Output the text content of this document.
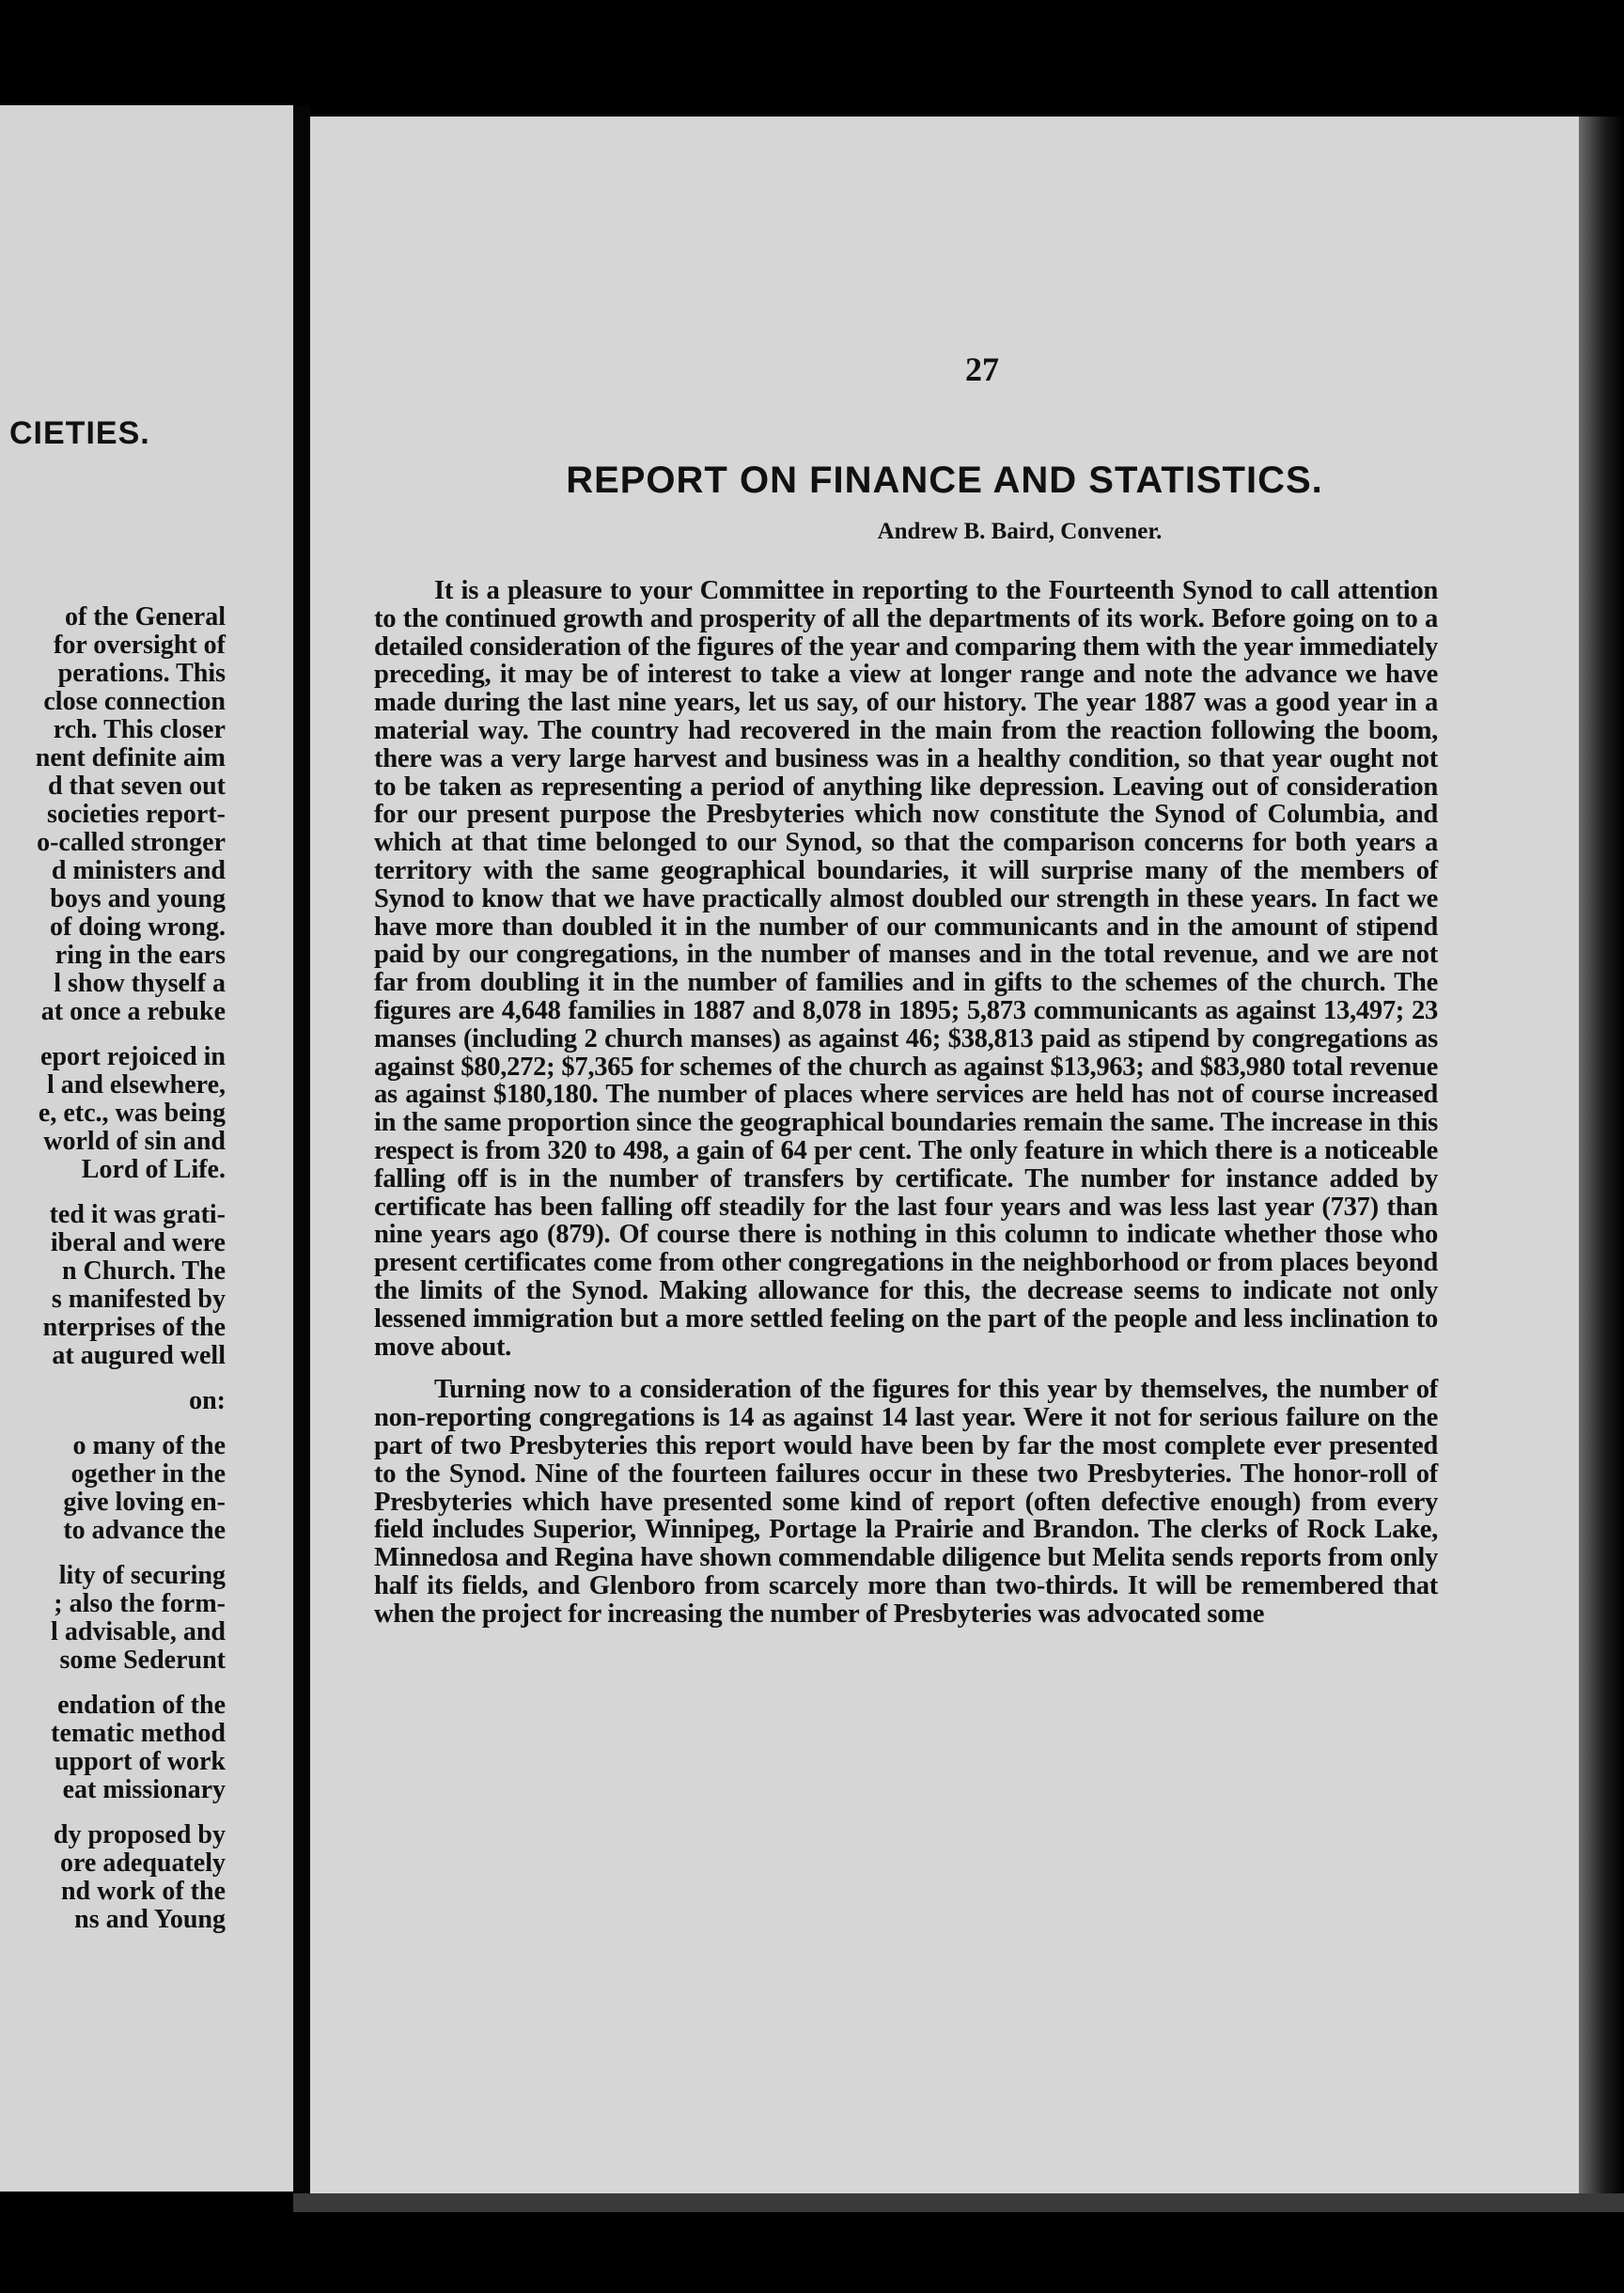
CIETIES.
of the General
for oversight of
perations. This
close connection
rch. This closer
nent definite aim
d that seven out
societies report-
o-called stronger
d ministers and
boys and young
of doing wrong.
ring in the ears
l show thyself a
at once a rebuke
eport rejoiced in
l and elsewhere,
e, etc., was being
world of sin and
Lord of Life.
ted it was grati-
iberal and were
n Church. The
s manifested by
nterprises of the
at augured well
on:
o many of the
ogether in the
give loving en-
to advance the
lity of securing
; also the form-
l advisable, and
some Sederunt
endation of the
tematic method
upport of work
eat missionary
dy proposed by
ore adequately
nd work of the
ns and Young
27
REPORT ON FINANCE AND STATISTICS.
Andrew B. Baird, Convener.

It is a pleasure to your Committee in reporting to the Fourteenth Synod to call attention to the continued growth and prosperity of all the departments of its work. Before going on to a detailed consideration of the figures of the year and comparing them with the year immediately preceding, it may be of interest to take a view at longer range and note the advance we have made during the last nine years, let us say, of our history. The year 1887 was a good year in a material way. The country had recovered in the main from the reaction following the boom, there was a very large harvest and business was in a healthy condition, so that year ought not to be taken as representing a period of anything like depression. Leaving out of consideration for our present purpose the Presbyteries which now constitute the Synod of Columbia, and which at that time belonged to our Synod, so that the comparison concerns for both years a territory with the same geographical boundaries, it will surprise many of the members of Synod to know that we have practically almost doubled our strength in these years. In fact we have more than doubled it in the number of our communicants and in the amount of stipend paid by our congregations, in the number of manses and in the total revenue, and we are not far from doubling it in the number of families and in gifts to the schemes of the church. The figures are 4,648 families in 1887 and 8,078 in 1895; 5,873 communicants as against 13,497; 23 manses (including 2 church manses) as against 46; $38,813 paid as stipend by congregations as against $80,272; $7,365 for schemes of the church as against $13,963; and $83,980 total revenue as against $180,180. The number of places where services are held has not of course increased in the same proportion since the geographical boundaries remain the same. The increase in this respect is from 320 to 498, a gain of 64 per cent. The only feature in which there is a noticeable falling off is in the number of transfers by certificate. The number for instance added by certificate has been falling off steadily for the last four years and was less last year (737) than nine years ago (879). Of course there is nothing in this column to indicate whether those who present certificates come from other congregations in the neighborhood or from places beyond the limits of the Synod. Making allowance for this, the decrease seems to indicate not only lessened immigration but a more settled feeling on the part of the people and less inclination to move about.

Turning now to a consideration of the figures for this year by themselves, the number of non-reporting congregations is 14 as against 14 last year. Were it not for serious failure on the part of two Presbyteries this report would have been by far the most complete ever presented to the Synod. Nine of the fourteen failures occur in these two Presbyteries. The honor-roll of Presbyteries which have presented some kind of report (often defective enough) from every field includes Superior, Winnipeg, Portage la Prairie and Brandon. The clerks of Rock Lake, Minnedosa and Regina have shown commendable diligence but Melita sends reports from only half its fields, and Glenboro from scarcely more than two-thirds. It will be remembered that when the project for increasing the number of Presbyteries was advocated some
